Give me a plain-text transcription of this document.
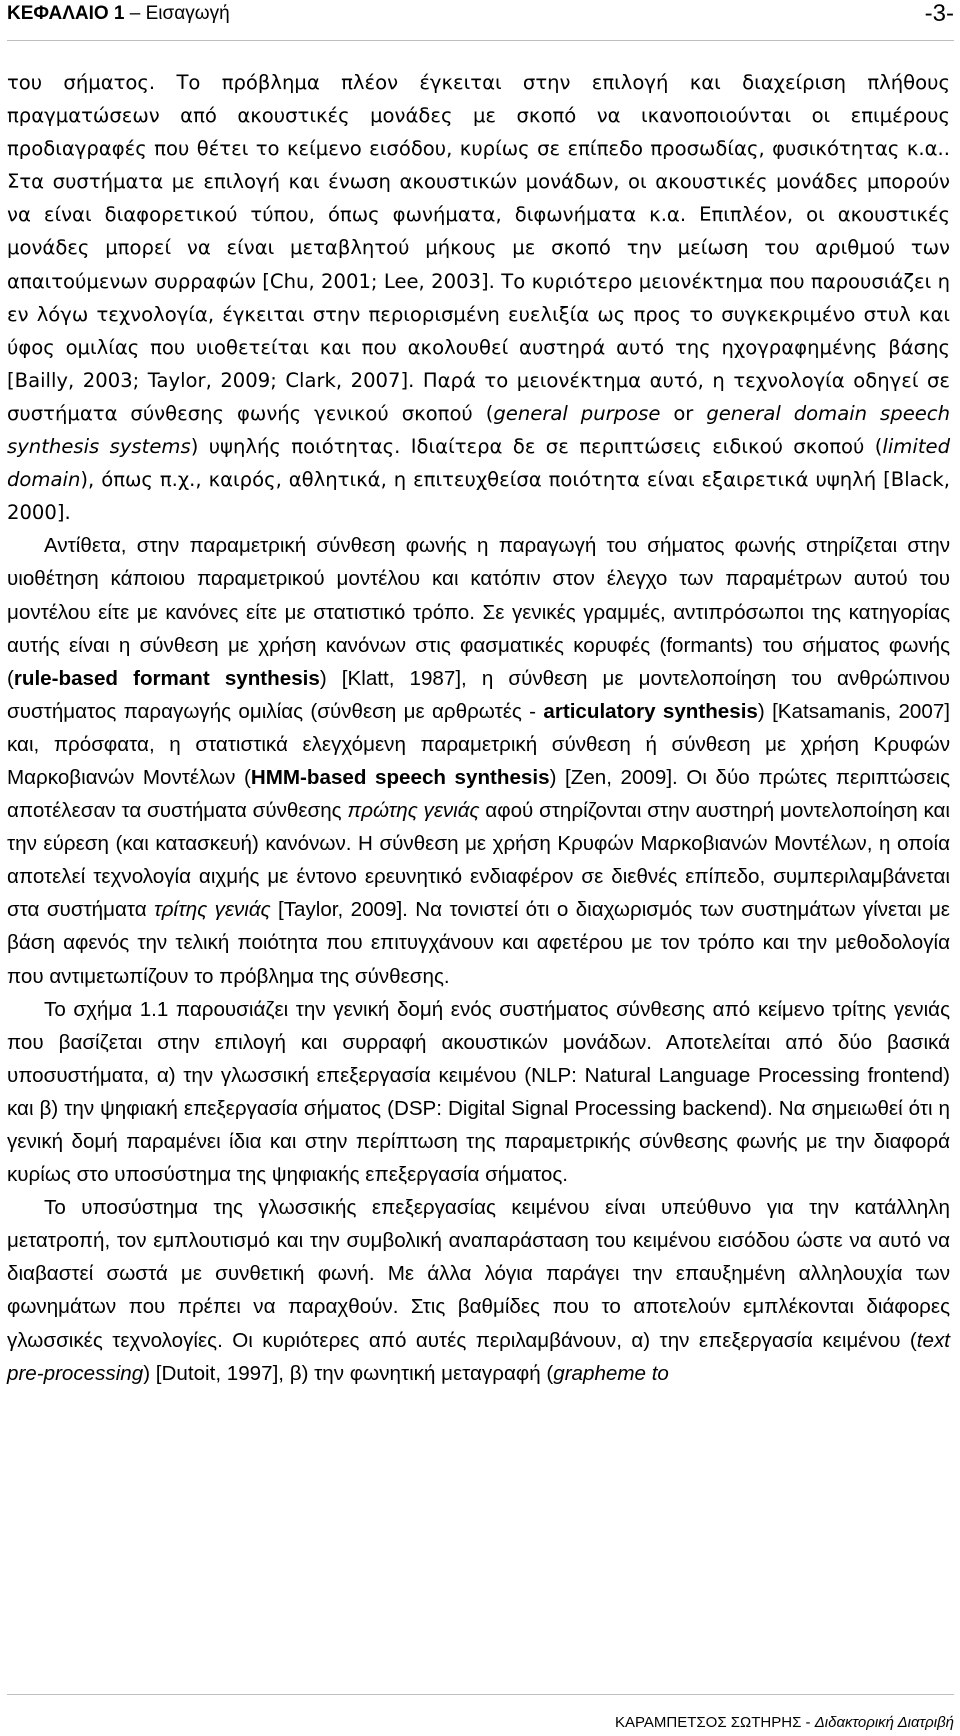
ΚΕΦΑΛΑΙΟ 1 – Εισαγωγή	-3-

του σήματος. Το πρόβλημα πλέον έγκειται στην επιλογή και διαχείριση πλήθους πραγματώσεων από ακουστικές μονάδες με σκοπό να ικανοποιούνται οι επιμέρους προδιαγραφές που θέτει το κείμενο εισόδου, κυρίως σε επίπεδο προσωδίας, φυσικότητας κ.α.. Στα συστήματα με επιλογή και ένωση ακουστικών μονάδων, οι ακουστικές μονάδες μπορούν να είναι διαφορετικού τύπου, όπως φωνήματα, διφωνήματα κ.α. Επιπλέον, οι ακουστικές μονάδες μπορεί να είναι μεταβλητού μήκους με σκοπό την μείωση του αριθμού των απαιτούμενων συρραφών [Chu, 2001; Lee, 2003]. Το κυριότερο μειονέκτημα που παρουσιάζει η εν λόγω τεχνολογία, έγκειται στην περιορισμένη ευελιξία ως προς το συγκεκριμένο στυλ και ύφος ομιλίας που υιοθετείται και που ακολουθεί αυστηρά αυτό της ηχογραφημένης βάσης [Bailly, 2003; Taylor, 2009; Clark, 2007]. Παρά το μειονέκτημα αυτό, η τεχνολογία οδηγεί σε συστήματα σύνθεσης φωνής γενικού σκοπού (general purpose or general domain speech synthesis systems) υψηλής ποιότητας. Ιδιαίτερα δε σε περιπτώσεις ειδικού σκοπού (limited domain), όπως π.χ., καιρός, αθλητικά, η επιτευχθείσα ποιότητα είναι εξαιρετικά υψηλή [Black, 2000].

Αντίθετα, στην παραμετρική σύνθεση φωνής η παραγωγή του σήματος φωνής στηρίζεται στην υιοθέτηση κάποιου παραμετρικού μοντέλου και κατόπιν στον έλεγχο των παραμέτρων αυτού του μοντέλου είτε με κανόνες είτε με στατιστικό τρόπο. Σε γενικές γραμμές, αντιπρόσωποι της κατηγορίας αυτής είναι η σύνθεση με χρήση κανόνων στις φασματικές κορυφές (formants) του σήματος φωνής (rule-based formant synthesis) [Klatt, 1987], η σύνθεση με μοντελοποίηση του ανθρώπινου συστήματος παραγωγής ομιλίας (σύνθεση με αρθρωτές - articulatory synthesis) [Katsamanis, 2007] και, πρόσφατα, η στατιστικά ελεγχόμενη παραμετρική σύνθεση ή σύνθεση με χρήση Κρυφών Μαρκοβιανών Μοντέλων (HMM-based speech synthesis) [Zen, 2009]. Οι δύο πρώτες περιπτώσεις αποτέλεσαν τα συστήματα σύνθεσης πρώτης γενιάς αφού στηρίζονται στην αυστηρή μοντελοποίηση και την εύρεση (και κατασκευή) κανόνων. Η σύνθεση με χρήση Κρυφών Μαρκοβιανών Μοντέλων, η οποία αποτελεί τεχνολογία αιχμής με έντονο ερευνητικό ενδιαφέρον σε διεθνές επίπεδο, συμπεριλαμβάνεται στα συστήματα τρίτης γενιάς [Taylor, 2009]. Να τονιστεί ότι ο διαχωρισμός των συστημάτων γίνεται με βάση αφενός την τελική ποιότητα που επιτυγχάνουν και αφετέρου με τον τρόπο και την μεθοδολογία που αντιμετωπίζουν το πρόβλημα της σύνθεσης.

Το σχήμα 1.1 παρουσιάζει την γενική δομή ενός συστήματος σύνθεσης από κείμενο τρίτης γενιάς που βασίζεται στην επιλογή και συρραφή ακουστικών μονάδων. Αποτελείται από δύο βασικά υποσυστήματα, α) την γλωσσική επεξεργασία κειμένου (NLP: Natural Language Processing frontend) και β) την ψηφιακή επεξεργασία σήματος (DSP: Digital Signal Processing backend). Να σημειωθεί ότι η γενική δομή παραμένει ίδια και στην περίπτωση της παραμετρικής σύνθεσης φωνής με την διαφορά κυρίως στο υποσύστημα της ψηφιακής επεξεργασία σήματος.

Το υποσύστημα της γλωσσικής επεξεργασίας κειμένου είναι υπεύθυνο για την κατάλληλη μετατροπή, τον εμπλουτισμό και την συμβολική αναπαράσταση του κειμένου εισόδου ώστε να αυτό να διαβαστεί σωστά με συνθετική φωνή. Με άλλα λόγια παράγει την επαυξημένη αλληλουχία των φωνημάτων που πρέπει να παραχθούν. Στις βαθμίδες που το αποτελούν εμπλέκονται διάφορες γλωσσικές τεχνολογίες. Οι κυριότερες από αυτές περιλαμβάνουν, α) την επεξεργασία κειμένου (text pre-processing) [Dutoit, 1997], β) την φωνητική μεταγραφή (grapheme to

ΚΑΡΑΜΠΕΤΣΟΣ ΣΩΤΗΡΗΣ - Διδακτορική Διατριβή
